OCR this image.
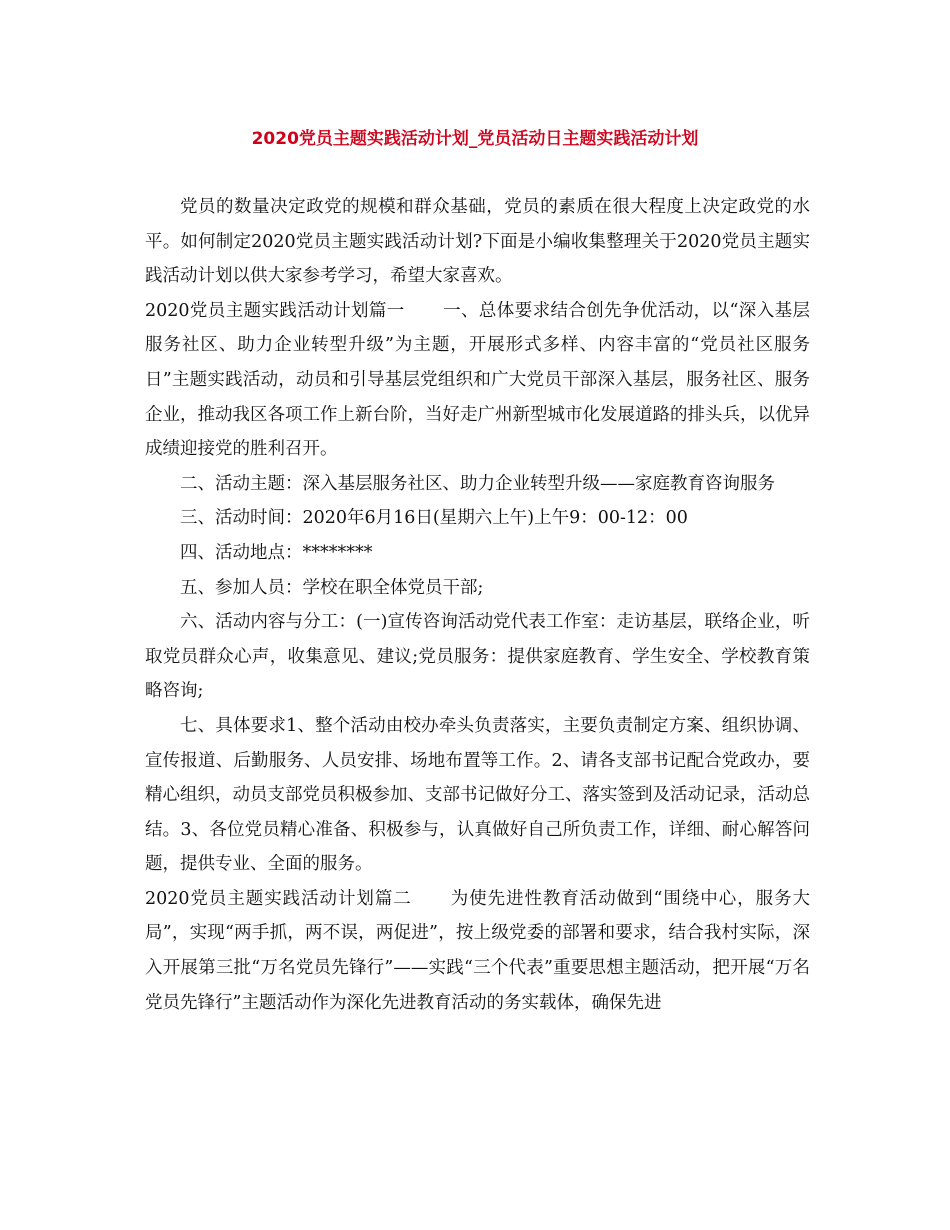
2020党员主题实践活动计划_党员活动日主题实践活动计划

党员的数量决定政党的规模和群众基础，党员的素质在很大程度上决定政党的水平。如何制定2020党员主题实践活动计划?下面是小编收集整理关于2020党员主题实践活动计划以供大家参考学习，希望大家喜欢。

2020党员主题实践活动计划篇一 一、总体要求结合创先争优活动，以“深入基层服务社区、助力企业转型升级”为主题，开展形式多样、内容丰富的“党员社区服务日”主题实践活动，动员和引导基层党组织和广大党员干部深入基层，服务社区、服务企业，推动我区各项工作上新台阶，当好走广州新型城市化发展道路的排头兵，以优异成绩迎接党的胜利召开。

二、活动主题：深入基层服务社区、助力企业转型升级——家庭教育咨询服务

三、活动时间：2020年6月16日(星期六上午)上午9：00-12：00

四、活动地点：********

五、参加人员：学校在职全体党员干部;

六、活动内容与分工：(一)宣传咨询活动党代表工作室：走访基层，联络企业，听取党员群众心声，收集意见、建议;党员服务：提供家庭教育、学生安全、学校教育策略咨询;

七、具体要求1、整个活动由校办牵头负责落实，主要负责制定方案、组织协调、宣传报道、后勤服务、人员安排、场地布置等工作。2、请各支部书记配合党政办，要精心组织，动员支部党员积极参加、支部书记做好分工、落实签到及活动记录，活动总结。3、各位党员精心准备、积极参与，认真做好自己所负责工作，详细、耐心解答问题，提供专业、全面的服务。

2020党员主题实践活动计划篇二 为使先进性教育活动做到“围绕中心，服务大局”，实现“两手抓，两不误，两促进”，按上级党委的部署和要求，结合我村实际，深入开展第三批“万名党员先锋行”——实践“三个代表”重要思想主题活动，把开展“万名党员先锋行”主题活动作为深化先进教育活动的务实载体，确保先进
